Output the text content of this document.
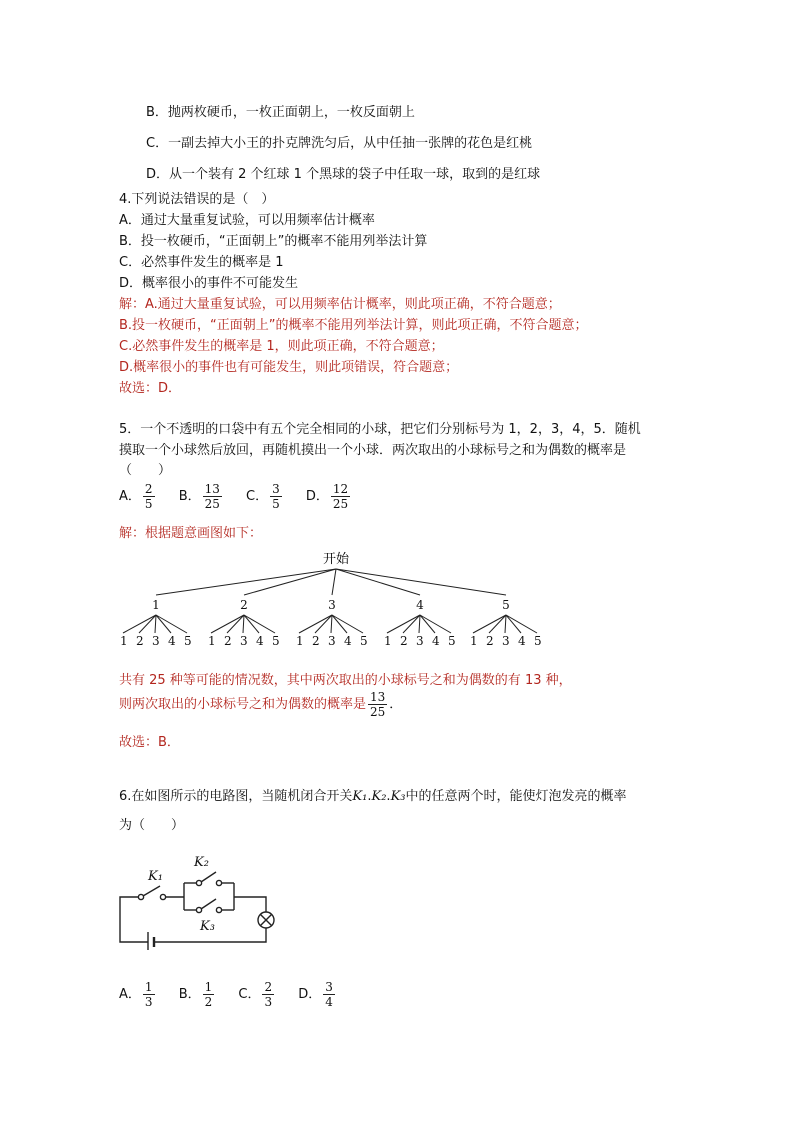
B．抛两枚硬币，一枚正面朝上，一枚反面朝上
C．一副去掉大小王的扑克牌洗匀后，从中任抽一张牌的花色是红桃
D．从一个装有 2 个红球 1 个黑球的袋子中任取一球，取到的是红球
4.下列说法错误的是（　）
A．通过大量重复试验，可以用频率估计概率
B．投一枚硬币，“正面朝上”的概率不能用列举法计算
C．必然事件发生的概率是 1
D．概率很小的事件不可能发生
解：A.通过大量重复试验，可以用频率估计概率，则此项正确，不符合题意；
B.投一枚硬币，“正面朝上”的概率不能用列举法计算，则此项正确，不符合题意；
C.必然事件发生的概率是 1，则此项正确，不符合题意；
D.概率很小的事件也有可能发生，则此项错误，符合题意；
故选：D．
5．一个不透明的口袋中有五个完全相同的小球，把它们分别标号为 1，2，3，4，5．随机
摸取一个小球然后放回，再随机摸出一个小球．两次取出的小球标号之和为偶数的概率是
（　　）
A． $\frac{2}{5}$ B． $\frac{13}{25}$ C． $\frac{3}{5}$ D． $\frac{12}{25}$
解：根据题意画图如下：
开始
1
1 2 3 4 5
2
1 2 3 4 5
3
1 2 3 4 5
4
1 2 3 4 5
5
1 2 3 4 5
共有 25 种等可能的情况数，其中两次取出的小球标号之和为偶数的有 13 种，
则两次取出的小球标号之和为偶数的概率是 $\frac{13}{25}$ ．
故选：B．
6.在如图所示的电路图，当随机闭合开关K₁.K₂.K₃中的任意两个时，能使灯泡发亮的概率
为（　　）
K₁
K₂
K₃
A． $\frac{1}{3}$ B． $\frac{1}{2}$ C． $\frac{2}{3}$ D． $\frac{3}{4}$
